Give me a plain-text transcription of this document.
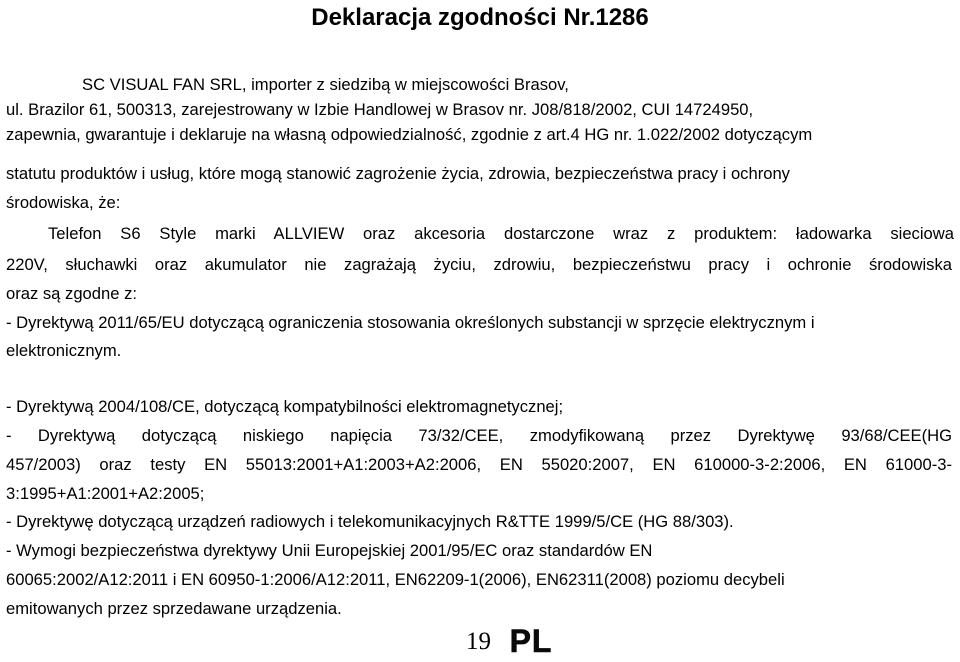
Deklaracja zgodności Nr.1286
SC VISUAL FAN SRL, importer z siedzibą w miejscowości Brasov,
ul. Brazilor 61, 500313, zarejestrowany w Izbie Handlowej w Brasov nr. J08/818/2002, CUI 14724950,
zapewnia, gwarantuje i deklaruje na własną odpowiedzialność, zgodnie z art.4 HG nr. 1.022/2002 dotyczącym
statutu produktów i usług, które mogą stanowić zagrożenie życia, zdrowia, bezpieczeństwa pracy i ochrony
środowiska, że:
Telefon S6 Style marki ALLVIEW oraz akcesoria dostarczone wraz z produktem: ładowarka sieciowa
220V, słuchawki oraz akumulator nie zagrażają życiu, zdrowiu, bezpieczeństwu pracy i ochronie środowiska
oraz są zgodne z:
- Dyrektywą 2011/65/EU dotyczącą ograniczenia stosowania określonych substancji w sprzęcie elektrycznym i
elektronicznym.
- Dyrektywą 2004/108/CE, dotyczącą kompatybilności elektromagnetycznej;
- Dyrektywą dotyczącą niskiego napięcia 73/32/CEE, zmodyfikowaną przez Dyrektywę 93/68/CEE(HG
457/2003) oraz testy EN 55013:2001+A1:2003+A2:2006, EN 55020:2007, EN 610000-3-2:2006, EN 61000-3-
3:1995+A1:2001+A2:2005;
- Dyrektywę dotyczącą urządzeń radiowych i telekomunikacyjnych R&TTE 1999/5/CE (HG 88/303).
- Wymogi bezpieczeństwa dyrektywy Unii Europejskiej 2001/95/EC oraz standardów EN
60065:2002/A12:2011 i EN 60950-1:2006/A12:2011, EN62209-1(2006), EN62311(2008) poziomu decybeli
emitowanych przez sprzedawane urządzenia.
19 PL
